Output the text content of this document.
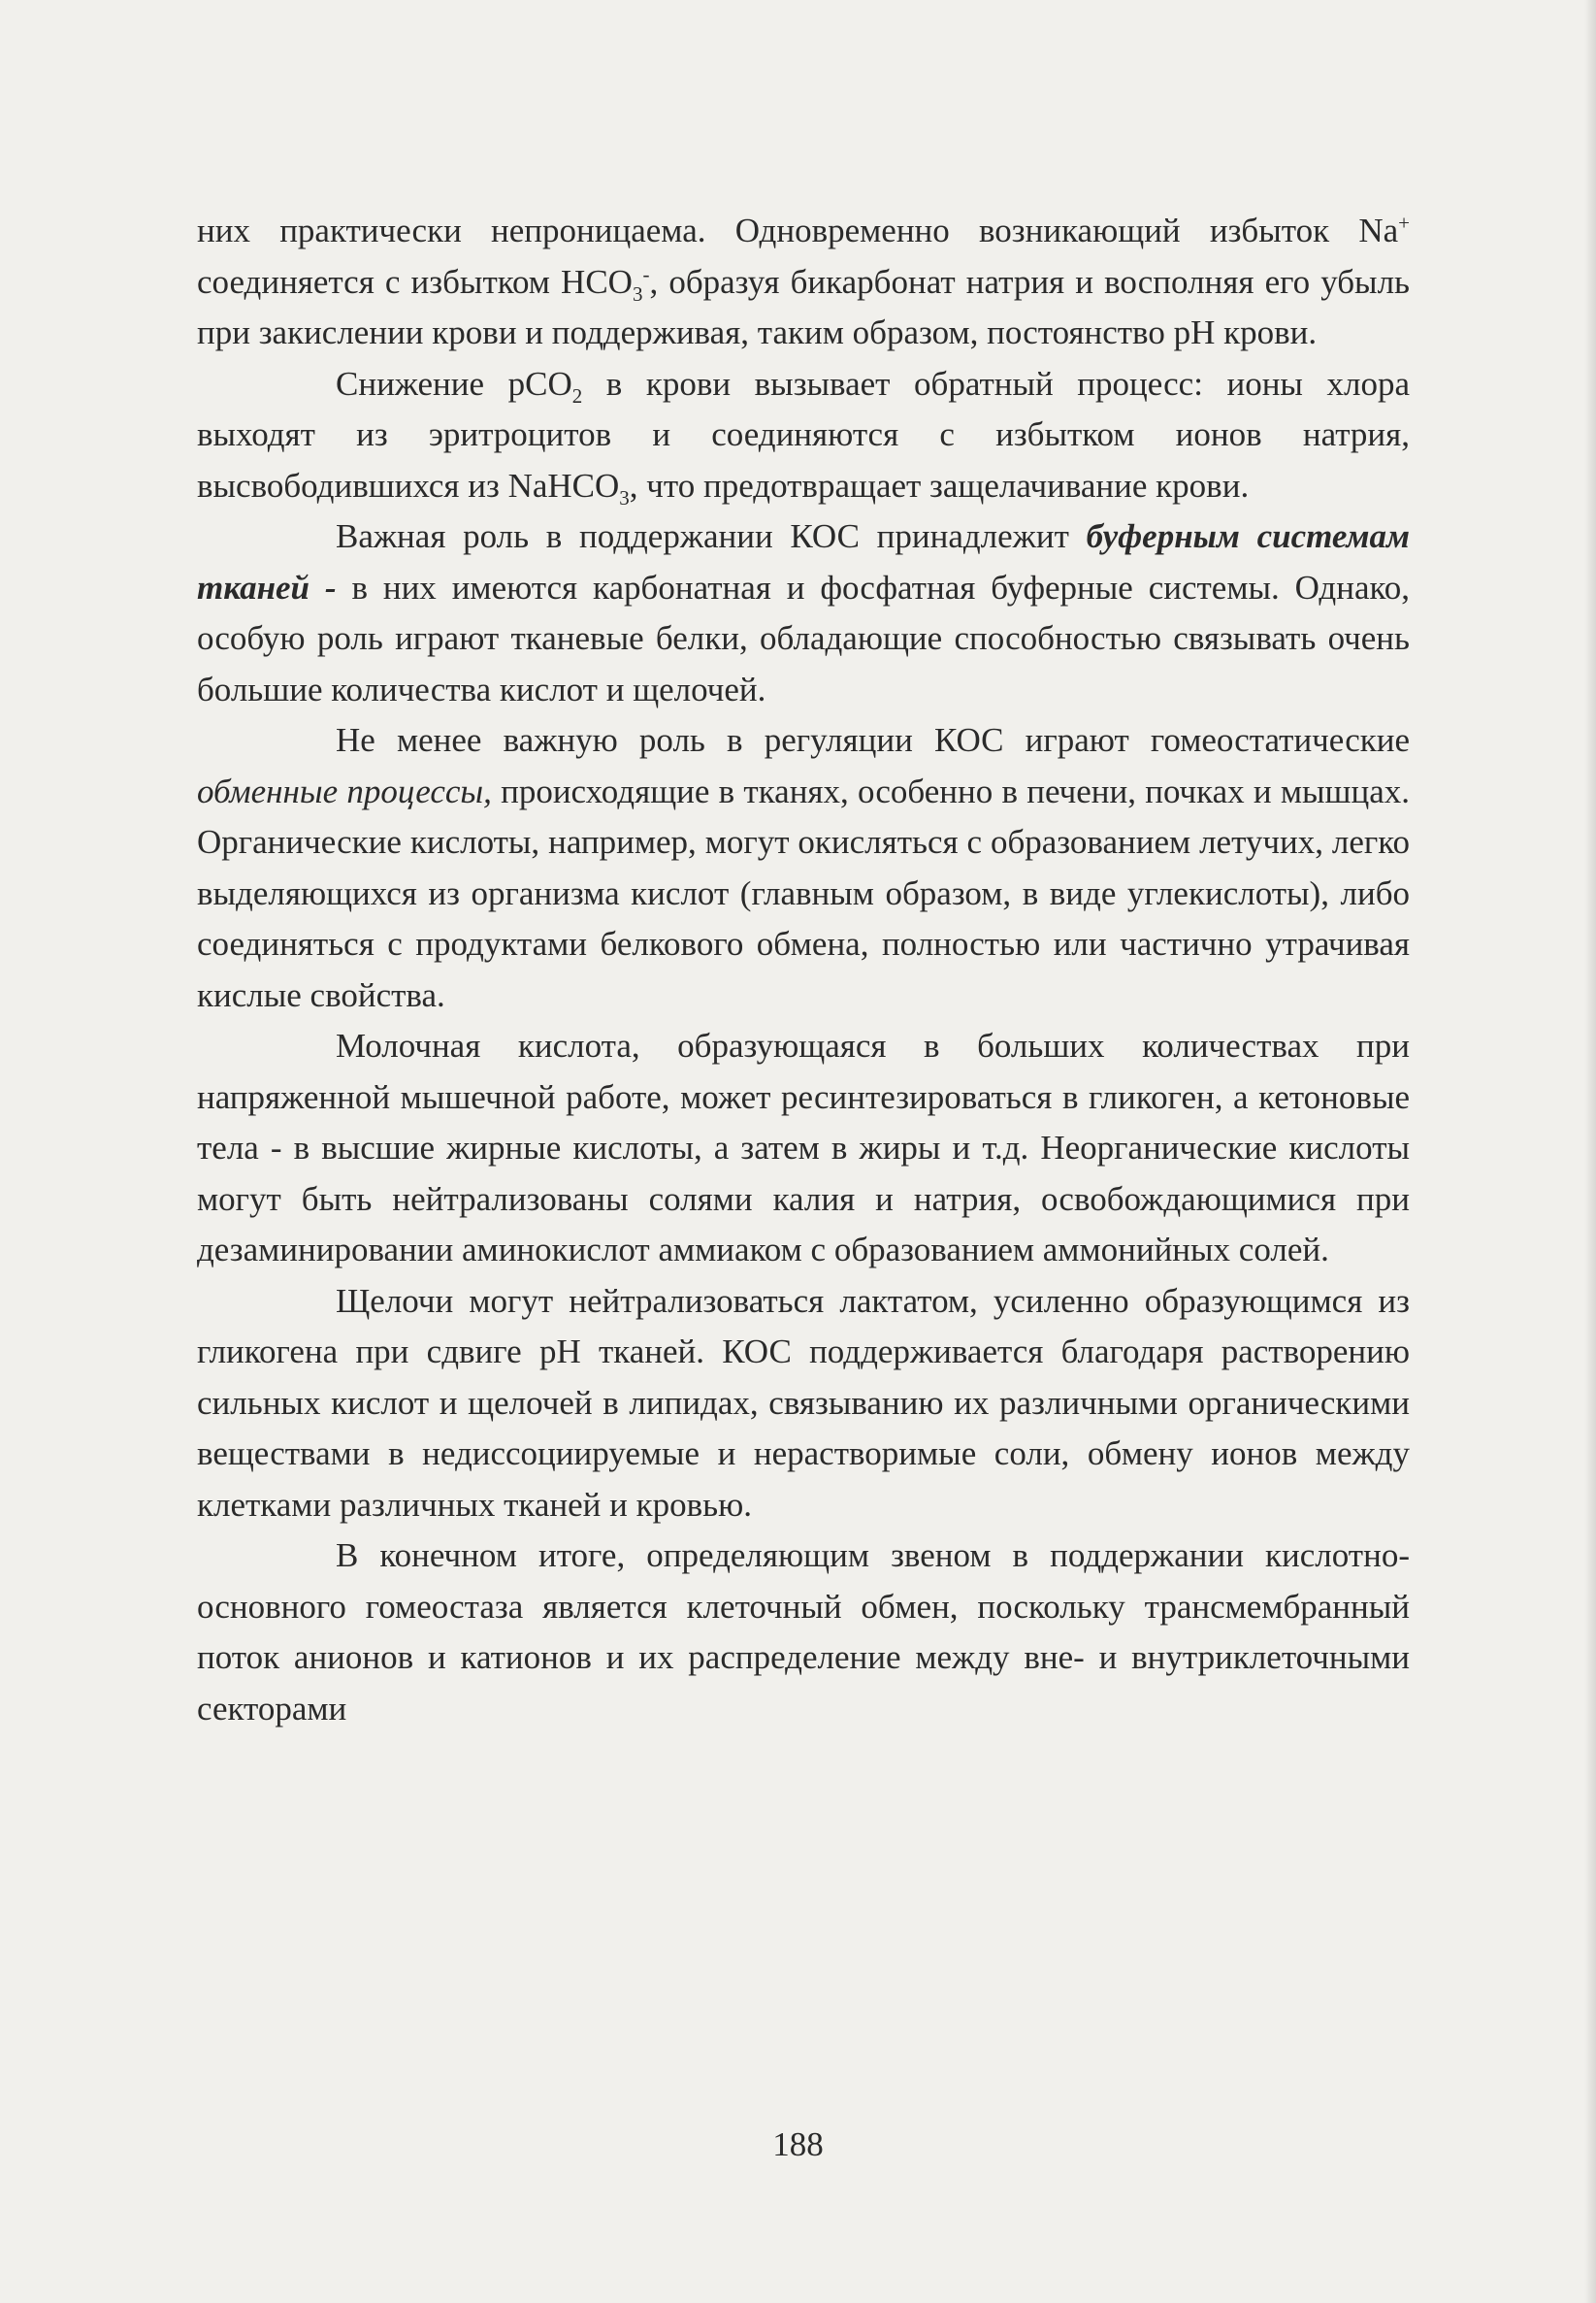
них практически непроницаема. Одновременно возникающий избыток Na+ соединяется с избытком $HCO_3^-$, образуя бикарбонат натрия и восполняя его убыль при закислении крови и поддерживая, таким образом, постоянство pH крови.

Снижение pCO$_2$ в крови вызывает обратный процесс: ионы хлора выходят из эритроцитов и соединяются с избытком ионов натрия, высвободившихся из NaHCO$_3$, что предотвращает защелачивание крови.

Важная роль в поддержании КОС принадлежит буферным системам тканей - в них имеются карбонатная и фосфатная буферные системы. Однако, особую роль играют тканевые белки, обладающие способностью связывать очень большие количества кислот и щелочей.

Не менее важную роль в регуляции КОС играют гомеостатические обменные процессы, происходящие в тканях, особенно в печени, почках и мышцах. Органические кислоты, например, могут окисляться с образованием летучих, легко выделяющихся из организма кислот (главным образом, в виде углекислоты), либо соединяться с продуктами белкового обмена, полностью или частично утрачивая кислые свойства.

Молочная кислота, образующаяся в больших количествах при напряженной мышечной работе, может ресинтезироваться в гликоген, а кетоновые тела - в высшие жирные кислоты, а затем в жиры и т.д. Неорганические кислоты могут быть нейтрализованы солями калия и натрия, освобождающимися при дезаминировании аминокислот аммиаком с образованием аммонийных солей.

Щелочи могут нейтрализоваться лактатом, усиленно образующимся из гликогена при сдвиге pH тканей. КОС поддерживается благодаря растворению сильных кислот и щелочей в липидах, связыванию их различными органическими веществами в недиссоциируемые и нерастворимые соли, обмену ионов между клетками различных тканей и кровью.

В конечном итоге, определяющим звеном в поддержании кислотно-основного гомеостаза является клеточный обмен, поскольку трансмембранный поток анионов и катионов и их распределение между вне- и внутриклеточными секторами

188
